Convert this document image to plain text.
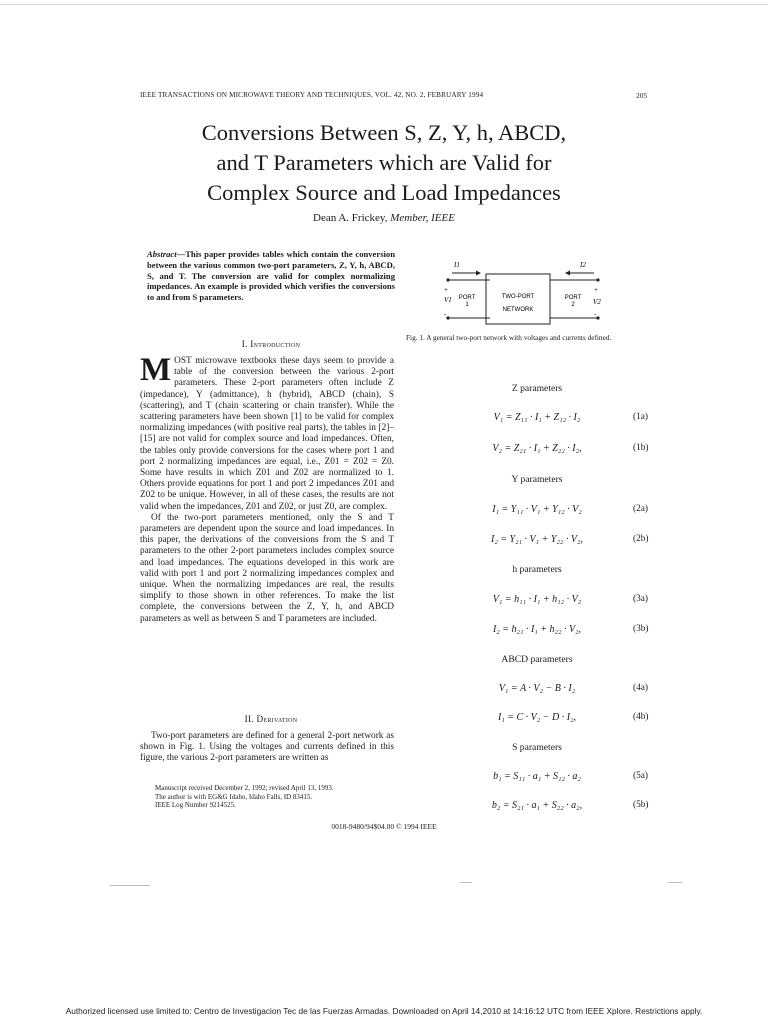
IEEE TRANSACTIONS ON MICROWAVE THEORY AND TECHNIQUES, VOL. 42, NO. 2, FEBRUARY 1994	205
Conversions Between S, Z, Y, h, ABCD,
and T Parameters which are Valid for
Complex Source and Load Impedances
Dean A. Frickey, Member, IEEE
Abstract—This paper provides tables which contain the conversion between the various common two-port parameters, Z, Y, h, ABCD, S, and T. The conversion are valid for complex normalizing impedances. An example is provided which verifies the conversions to and from S parameters.
I. Introduction
MOST microwave textbooks these days seem to provide a table of the conversion between the various 2-port parameters. These 2-port parameters often include Z (impedance), Y (admittance), h (hybrid), ABCD (chain), S (scattering), and T (chain scattering or chain transfer). While the scattering parameters have been shown [1] to be valid for complex normalizing impedances (with positive real parts), the tables in [2]–[15] are not valid for complex source and load impedances. Often, the tables only provide conversions for the cases where port 1 and port 2 normalizing impedances are equal, i.e., Z01 = Z02 = Z0. Some have results in which Z01 and Z02 are normalized to 1. Others provide equations for port 1 and port 2 impedances Z01 and Z02 to be unique. However, in all of these cases, the results are not valid when the impedances, Z01 and Z02, or just Z0, are complex.
Of the two-port parameters mentioned, only the S and T parameters are dependent upon the source and load impedances. In this paper, the derivations of the conversions from the S and T parameters to the other 2-port parameters includes complex source and load impedances. The equations developed in this work are valid with port 1 and port 2 normalizing impedances complex and unique. When the normalizing impedances are real, the results simplify to those shown in other references. To make the list complete, the conversions between the Z, Y, h, and ABCD parameters as well as between S and T parameters are included.
II. Derivation
Two-port parameters are defined for a general 2-port network as shown in Fig. 1. Using the voltages and currents defined in this figure, the various 2-port parameters are written as
Manuscript received December 2, 1992; revised April 13, 1993.
The author is with EG&G Idaho, Idaho Falls, ID 83415.
IEEE Log Number 9214525.
0018-9480/94$04.00 © 1994 IEEE
I1	I2
+
-
+
-
V1	V2
PORT
1
PORT
2
TWO-PORT
NETWORK
Fig. 1. A general two-port network with voltages and currents defined.
Z parameters
V₁ = Z₁₁ · I₁ + Z₁₂ · I₂	(1a)
V₂ = Z₂₁ · I₁ + Z₂₂ · I₂,	(1b)
Y parameters
I₁ = Y₁₁ · V₁ + Y₁₂ · V₂	(2a)
I₂ = Y₂₁ · V₁ + Y₂₂ · V₂,	(2b)
h parameters
V₁ = h₁₁ · I₁ + h₁₂ · V₂	(3a)
I₂ = h₂₁ · I₁ + h₂₂ · V₂,	(3b)
ABCD parameters
V₁ = A · V₂ − B · I₂	(4a)
I₁ = C · V₂ − D · I₂,	(4b)
S parameters
b₁ = S₁₁ · a₁ + S₁₂ · a₂	(5a)
b₂ = S₂₁ · a₁ + S₂₂ · a₂,	(5b)
Authorized licensed use limited to: Centro de Investigacion Tec de las Fuerzas Armadas. Downloaded on April 14,2010 at 14:16:12 UTC from IEEE Xplore. Restrictions apply.
